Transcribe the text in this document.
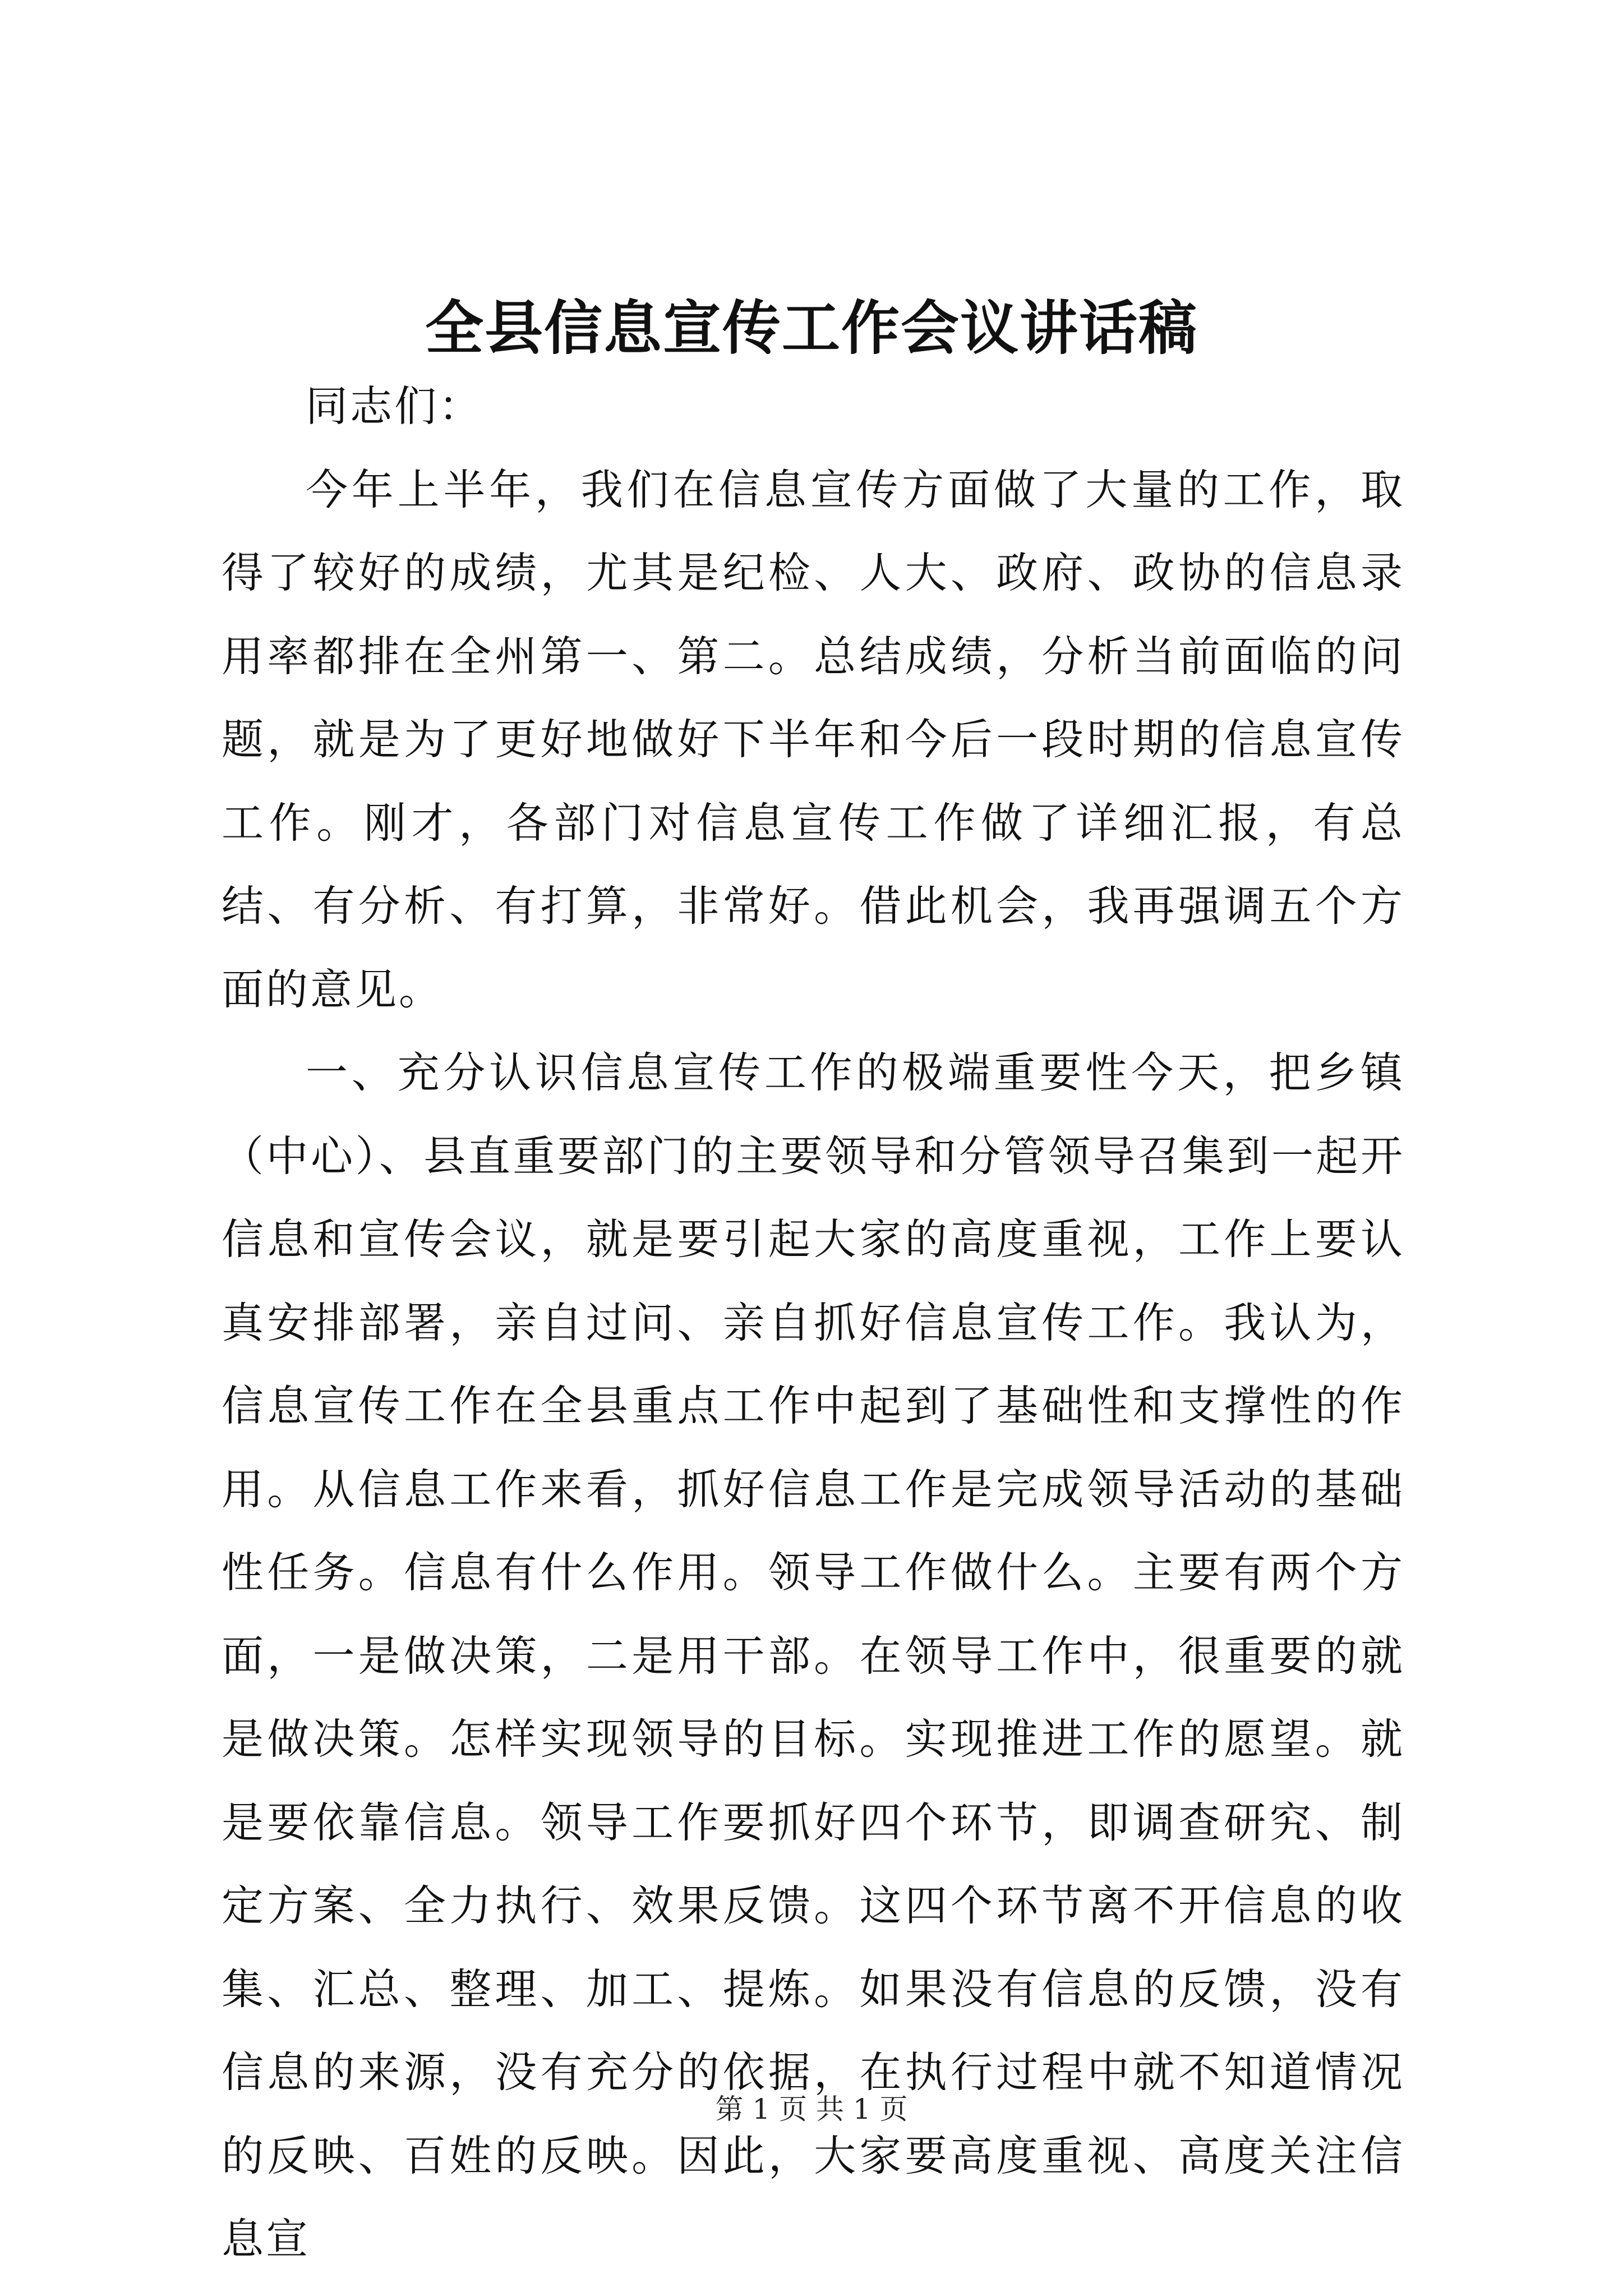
全县信息宣传工作会议讲话稿

同志们：

今年上半年，我们在信息宣传方面做了大量的工作，取得了较好的成绩，尤其是纪检、人大、政府、政协的信息录用率都排在全州第一、第二。总结成绩，分析当前面临的问题，就是为了更好地做好下半年和今后一段时期的信息宣传工作。刚才，各部门对信息宣传工作做了详细汇报，有总结、有分析、有打算，非常好。借此机会，我再强调五个方面的意见。

一、充分认识信息宣传工作的极端重要性今天，把乡镇（中心）、县直重要部门的主要领导和分管领导召集到一起开信息和宣传会议，就是要引起大家的高度重视，工作上要认真安排部署，亲自过问、亲自抓好信息宣传工作。我认为，信息宣传工作在全县重点工作中起到了基础性和支撑性的作用。从信息工作来看，抓好信息工作是完成领导活动的基础性任务。信息有什么作用。领导工作做什么。主要有两个方面，一是做决策，二是用干部。在领导工作中，很重要的就是做决策。怎样实现领导的目标。实现推进工作的愿望。就是要依靠信息。领导工作要抓好四个环节，即调查研究、制定方案、全力执行、效果反馈。这四个环节离不开信息的收集、汇总、整理、加工、提炼。如果没有信息的反馈，没有信息的来源，没有充分的依据，在执行过程中就不知道情况的反映、百姓的反映。因此，大家要高度重视、高度关注信息宣

第 1 页 共 1 页
